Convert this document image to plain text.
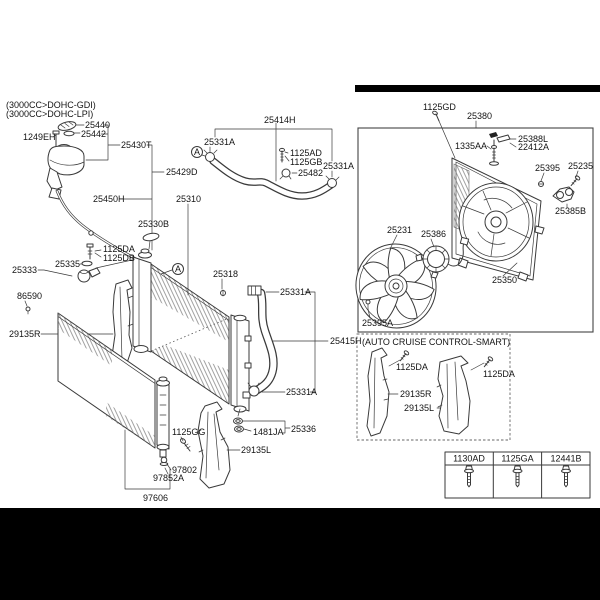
1130AD 1125GA 12441B
A
A
(3000CC>DOHC-GDI)
(3000CC>DOHC-LPI)
25440
25442
1249EH
25430T
25429D
25450H	25310
25330B
1125DA
1125DB
25335
25333
86590
29135R
25318
25331A
25415H
25331A
25336
1481JA
1125GG
29135L
97802
97852A
97606
25414H
25331A
1125AD
1125GB
25482
25331A
1125GD
25380
1335AA
25388L
22412A
25395 25235
25385B
25231 25386
25350
25395A
(AUTO CRUISE CONTROL-SMART)
1125DA
1125DA
29135R
29135L
